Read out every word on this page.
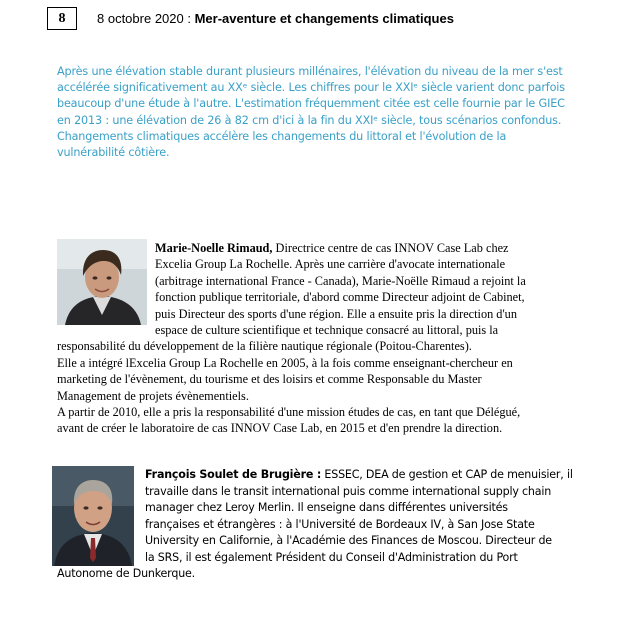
8	8 octobre 2020 : Mer-aventure et changements climatiques

Après une élévation stable durant plusieurs millénaires, l'élévation du niveau de la mer s'est

accélérée significativement au XXᵉ siècle. Les chiffres pour le XXIᵉ siècle varient donc parfois

beaucoup d'une étude à l'autre. L'estimation fréquemment citée est celle fournie par le GIEC

en 2013 : une élévation de 26 à 82 cm d'ici à la fin du XXIᵉ siècle, tous scénarios confondus.

Changements climatiques accélère les changements du littoral et l'évolution de la

vulnérabilité côtière.

Marie-Noelle Rimaud, Directrice centre de cas INNOV Case Lab chez

Excelia Group La Rochelle. Après une carrière d'avocate internationale

(arbitrage international France - Canada), Marie-Noëlle Rimaud a rejoint la

fonction publique territoriale, d'abord comme Directeur adjoint de Cabinet,

puis Directeur des sports d'une région. Elle a ensuite pris la direction d'un

espace de culture scientifique et technique consacré au littoral, puis la

responsabilité du développement de la filière nautique régionale (Poitou-Charentes).

Elle a intégré lExcelia Group La Rochelle en 2005, à la fois comme enseignant-chercheur en

marketing de l'évènement, du tourisme et des loisirs et comme Responsable du Master

Management de projets évènementiels.

A partir de 2010, elle a pris la responsabilité d'une mission études de cas, en tant que Délégué,

avant de créer le laboratoire de cas INNOV Case Lab, en 2015 et d'en prendre la direction.

François Soulet de Brugière : ESSEC, DEA de gestion et CAP de menuisier, il

travaille dans le transit international puis comme international supply chain

manager chez Leroy Merlin. Il enseigne dans différentes universités

françaises et étrangères : à l'Université de Bordeaux IV, à San Jose State

University en Californie, à l'Académie des Finances de Moscou. Directeur de

la SRS, il est également Président du Conseil d'Administration du Port

Autonome de Dunkerque.
